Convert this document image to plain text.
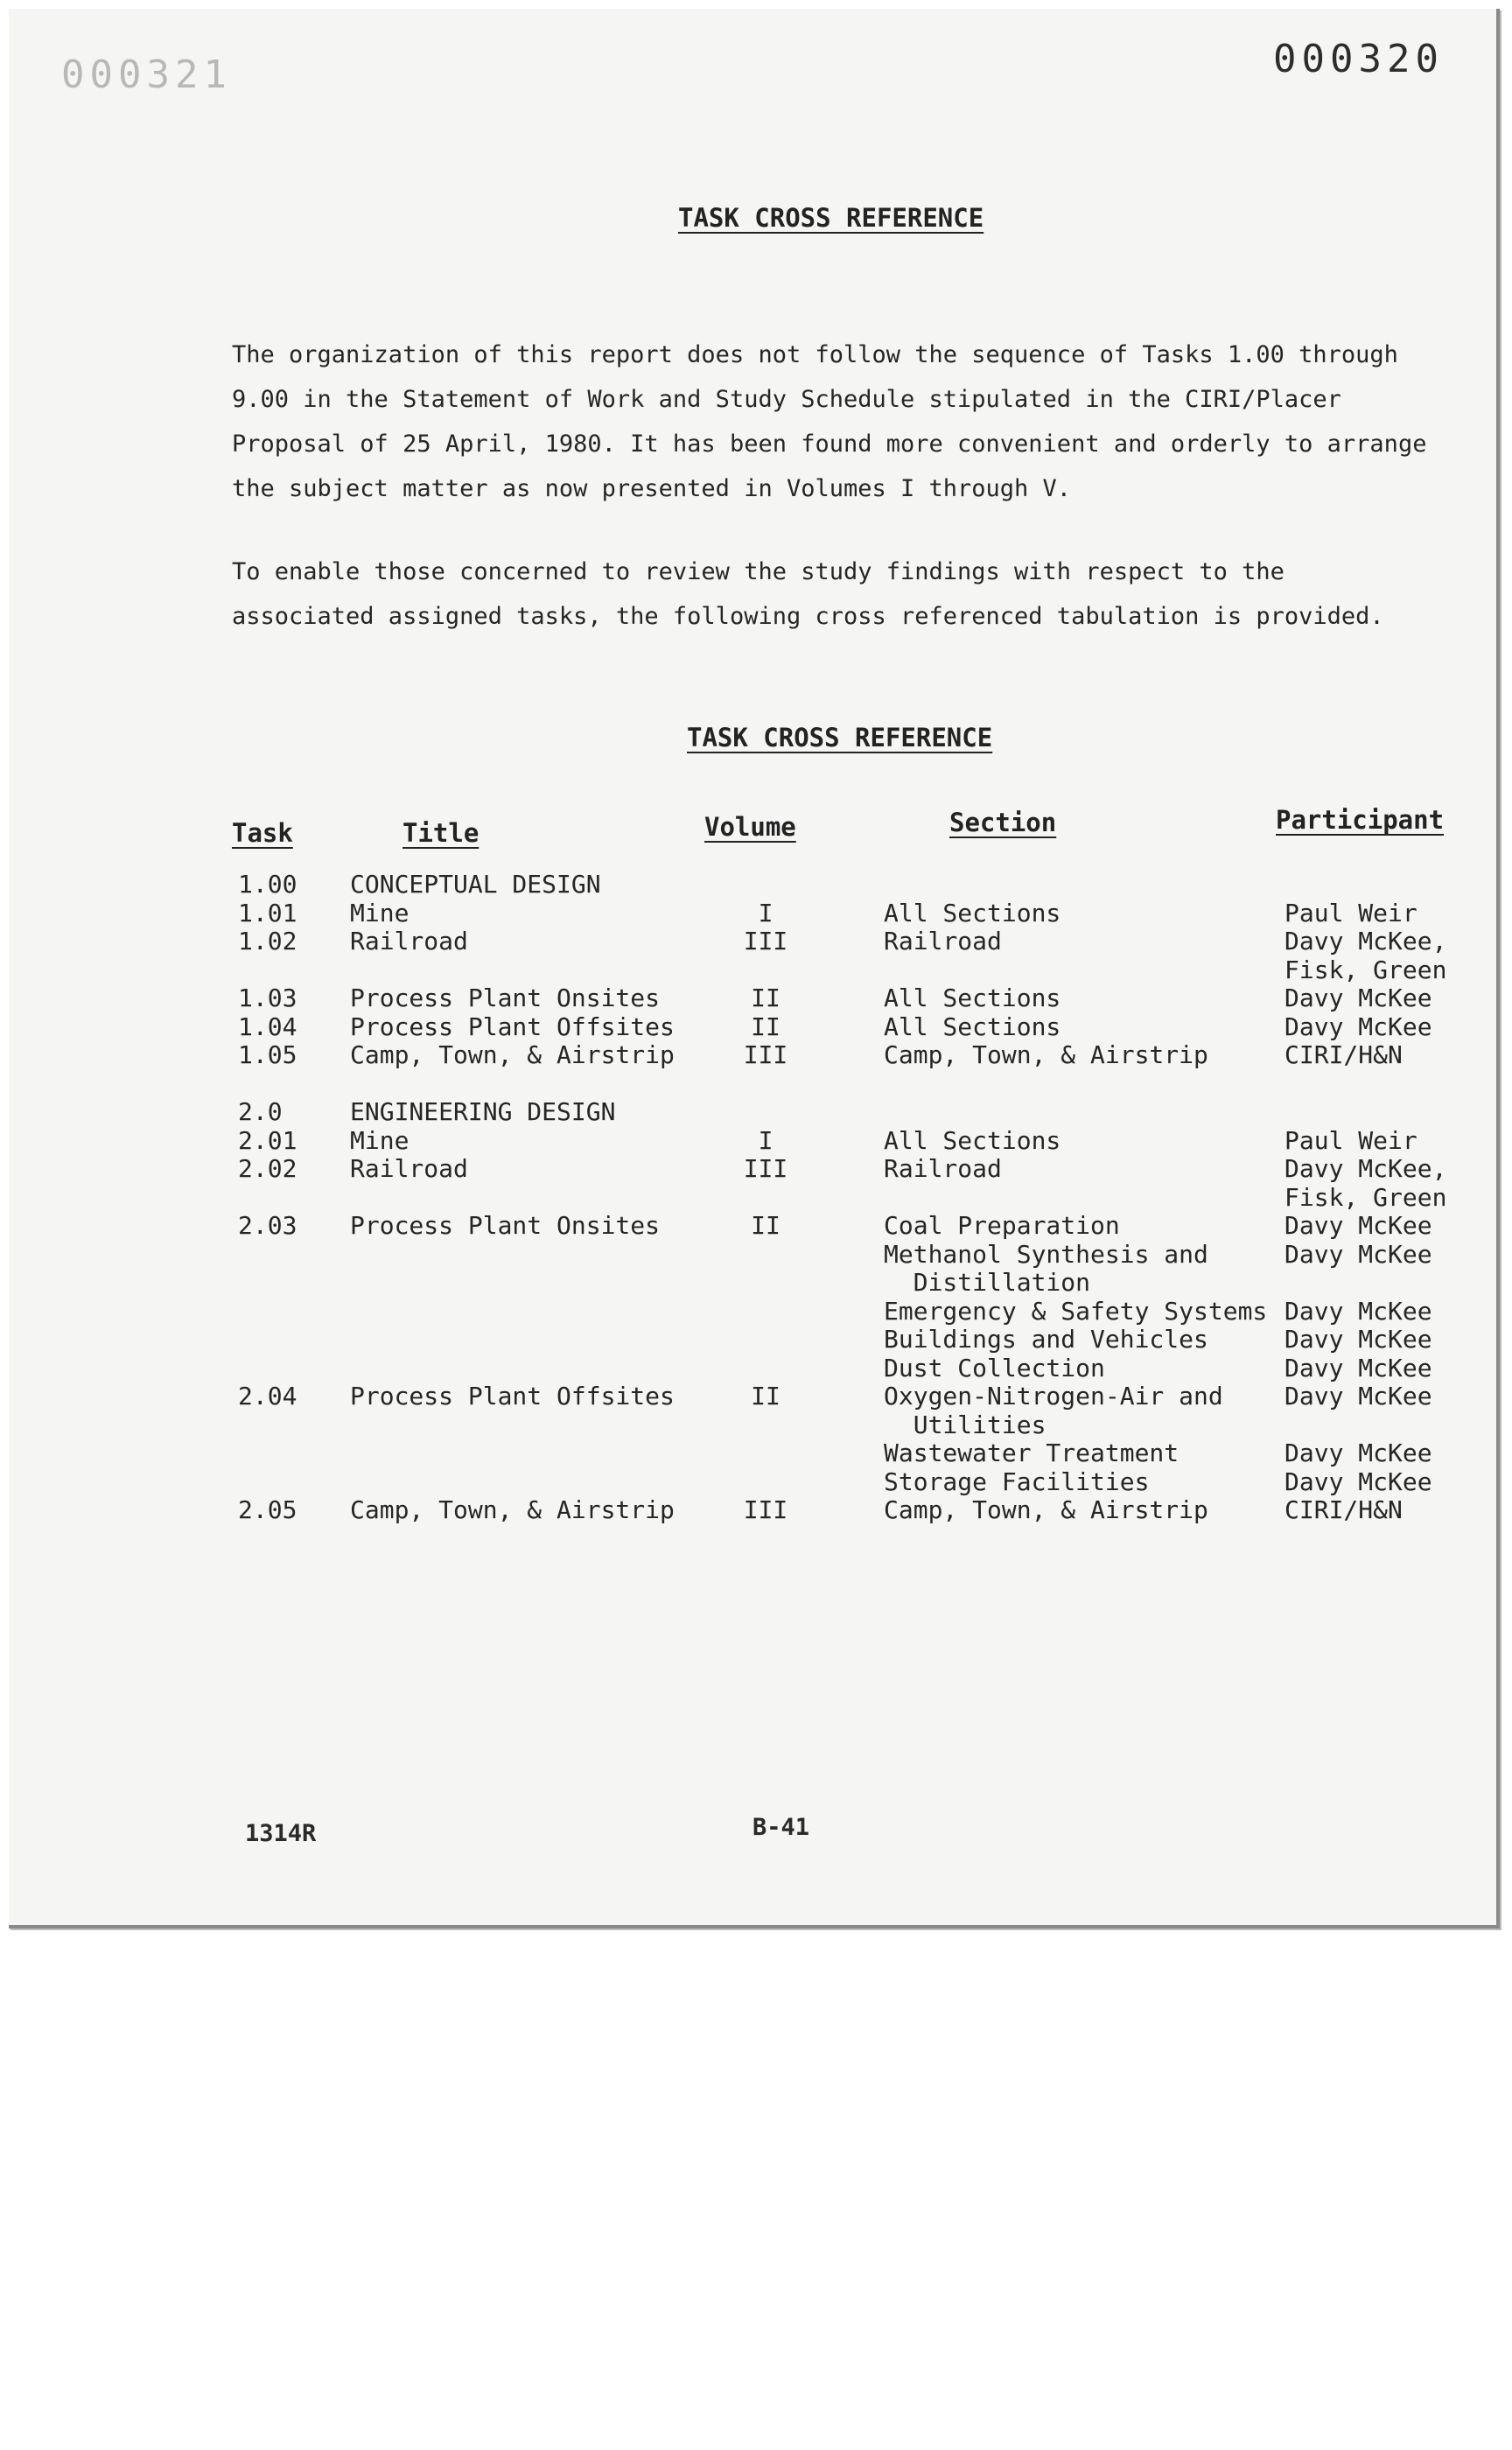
000321	000320
TASK CROSS REFERENCE
The organization of this report does not follow the sequence of Tasks 1.00 through 9.00 in the Statement of Work and Study Schedule stipulated in the CIRI/Placer Proposal of 25 April, 1980. It has been found more convenient and orderly to arrange the subject matter as now presented in Volumes I through V.
To enable those concerned to review the study findings with respect to the associated assigned tasks, the following cross referenced tabulation is provided.
TASK CROSS REFERENCE
Task	Title	Volume	Section	Participant
1.00 CONCEPTUAL DESIGN
1.01 Mine	I	All Sections	Paul Weir
1.02 Railroad	III	Railroad	Davy McKee,
Fisk, Green
1.03 Process Plant Onsites	II	All Sections	Davy McKee
1.04 Process Plant Offsites	II	All Sections	Davy McKee
1.05 Camp, Town, & Airstrip	III	Camp, Town, & Airstrip	CIRI/H&N
2.0	ENGINEERING DESIGN
2.01 Mine	I	All Sections	Paul Weir
2.02 Railroad	III	Railroad	Davy McKee,
Fisk, Green
2.03 Process Plant Onsites	II	Coal Preparation	Davy McKee
Methanol Synthesis and	Davy McKee
Distillation
Emergency & Safety Systems Davy McKee
Buildings and Vehicles	Davy McKee
Dust Collection	Davy McKee
2.04 Process Plant Offsites	II	Oxygen-Nitrogen-Air and	Davy McKee
Utilities
Wastewater Treatment	Davy McKee
Storage Facilities	Davy McKee
2.05 Camp, Town, & Airstrip	III	Camp, Town, & Airstrip	CIRI/H&N
1314R	B-41
